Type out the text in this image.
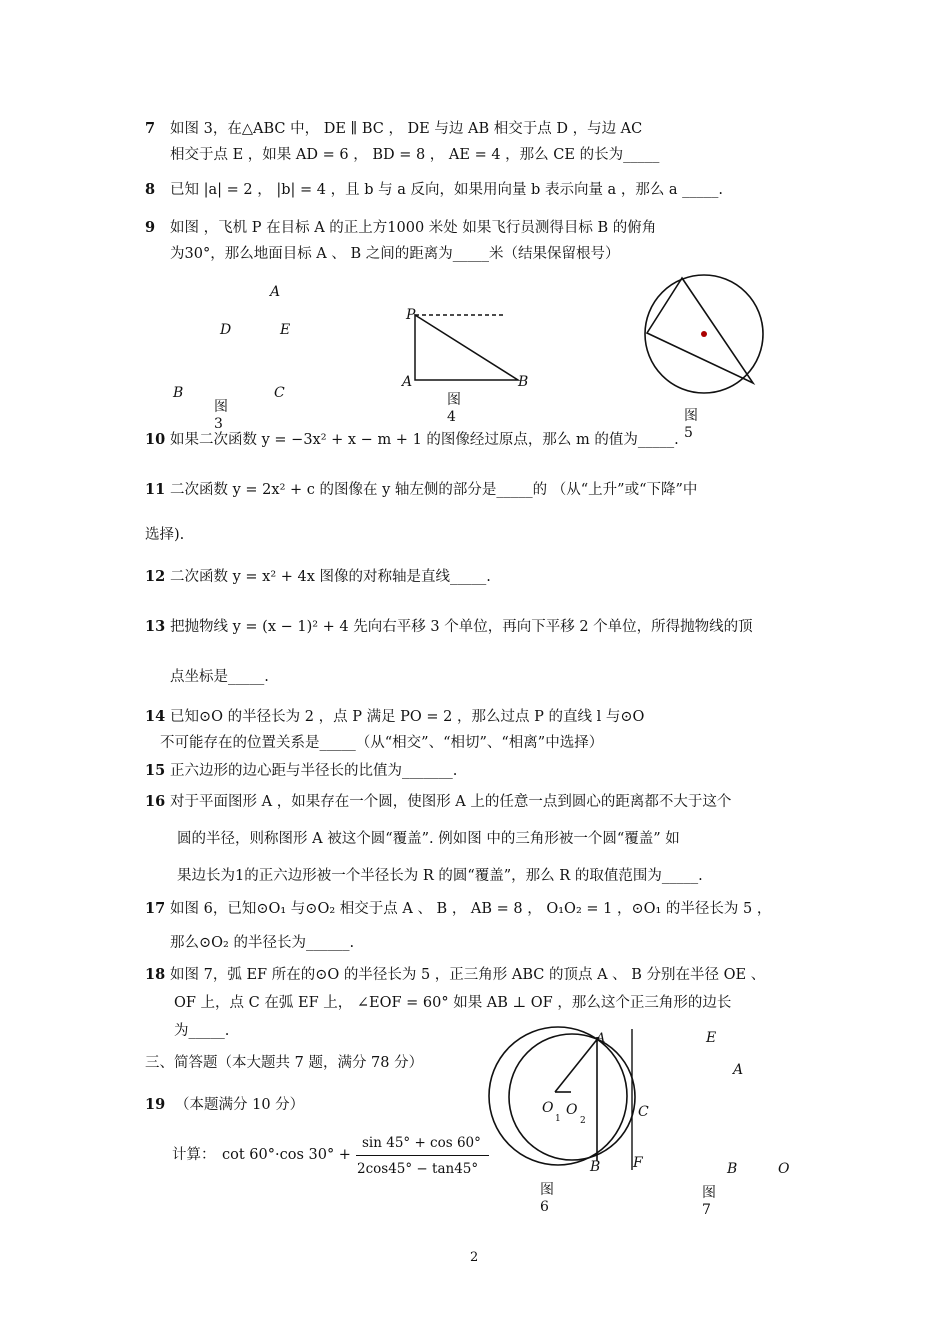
7 如图 3，在△ABC 中， DE ∥ BC ， DE 与边 AB 相交于点 D ，与边 AC
相交于点 E ，如果 AD = 6 ， BD = 8 ， AE = 4 ，那么 CE 的长为_____
8 已知 |a| = 2 ， |b| = 4 ，且 b 与 a 反向，如果用向量 b 表示向量 a ，那么 a _____.
9 如图 ，飞机 P 在目标 A 的正上方1000 米处 如果飞行员测得目标 B 的俯角
为30°，那么地面目标 A 、 B 之间的距离为_____米（结果保留根号）
A
D	E
B	C
图 3
P
A	B
图 4	图 5
10 如果二次函数 y = −3x² + x − m + 1 的图像经过原点，那么 m 的值为_____.
11 二次函数 y = 2x² + c 的图像在 y 轴左侧的部分是_____的 （从“上升”或“下降”中
选择).
12 二次函数 y = x² + 4x 图像的对称轴是直线_____.
13 把抛物线 y = (x − 1)² + 4 先向右平移 3 个单位，再向下平移 2 个单位，所得抛物线的顶
点坐标是_____.
14 已知⊙O 的半径长为 2 ，点 P 满足 PO = 2 ，那么过点 P 的直线 l 与⊙O
不可能存在的位置关系是_____（从“相交”、“相切”、“相离”中选择）
15 正六边形的边心距与半径长的比值为_______.
16 对于平面图形 A ，如果存在一个圆，使图形 A 上的任意一点到圆心的距离都不大于这个
圆的半径，则称图形 A 被这个圆“覆盖”. 例如图 中的三角形被一个圆“覆盖” 如
果边长为1的正六边形被一个半径长为 R 的圆“覆盖”，那么 R 的取值范围为_____.
17 如图 6，已知⊙O₁ 与⊙O₂ 相交于点 A 、 B ， AB = 8 ， O₁O₂ = 1 ，⊙O₁ 的半径长为 5 ，
那么⊙O₂ 的半径长为______.
18 如图 7，弧 EF 所在的⊙O 的半径长为 5 ，正三角形 ABC 的顶点 A 、 B 分别在半径 OE 、
OF 上，点 C 在弧 EF 上， ∠EOF = 60° 如果 AB ⊥ OF ，那么这个正三角形的边长
为_____.
三、简答题（本大题共 7 题，满分 78 分）
19 （本题满分 10 分）
计算： cot 60°·cos 30° +
sin 45° + cos 60°
2cos45° − tan45°
A
O
1
O
2
C
B F
图 6
E
A
B	O
图 7
2
